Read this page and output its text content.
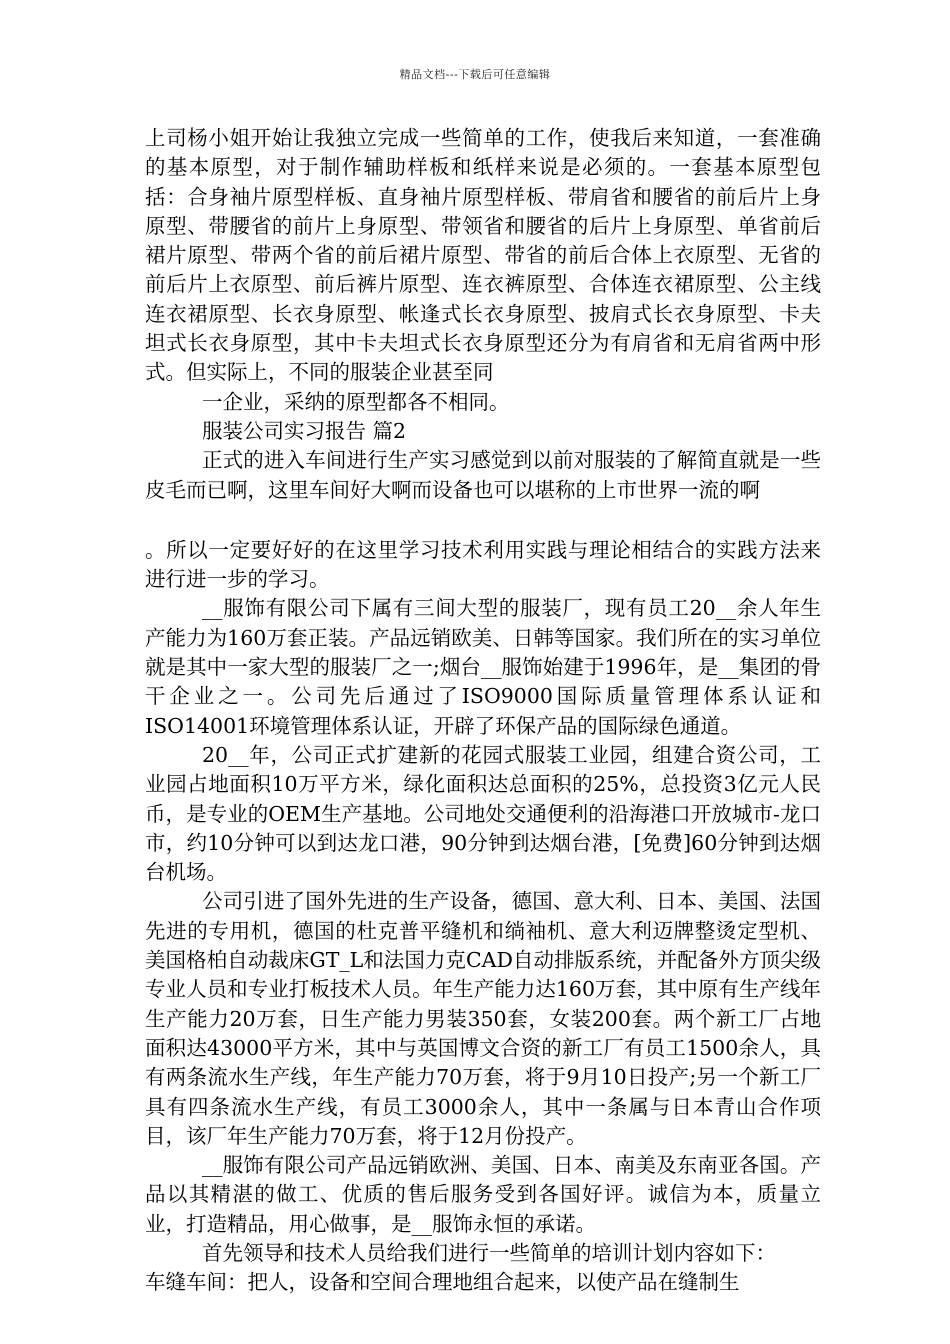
精品文档---下载后可任意编辑

上司杨小姐开始让我独立完成一些简单的工作，使我后来知道，一套准确的基本原型，对于制作辅助样板和纸样来说是必须的。一套基本原型包括：合身袖片原型样板、直身袖片原型样板、带肩省和腰省的前后片上身原型、带腰省的前片上身原型、带领省和腰省的后片上身原型、单省前后裙片原型、带两个省的前后裙片原型、带省的前后合体上衣原型、无省的前后片上衣原型、前后裤片原型、连衣裤原型、合体连衣裙原型、公主线连衣裙原型、长衣身原型、帐逢式长衣身原型、披肩式长衣身原型、卡夫坦式长衣身原型，其中卡夫坦式长衣身原型还分为有肩省和无肩省两中形式。但实际上，不同的服装企业甚至同

一企业，采纳的原型都各不相同。

服装公司实习报告 篇2

正式的进入车间进行生产实习感觉到以前对服装的了解简直就是一些皮毛而已啊，这里车间好大啊而设备也可以堪称的上市世界一流的啊

。所以一定要好好的在这里学习技术利用实践与理论相结合的实践方法来进行进一步的学习。

__服饰有限公司下属有三间大型的服装厂，现有员工20__余人年生产能力为160万套正装。产品远销欧美、日韩等国家。我们所在的实习单位就是其中一家大型的服装厂之一;烟台__服饰始建于1996年，是__集团的骨干企业之一。公司先后通过了ISO9000国际质量管理体系认证和ISO14001环境管理体系认证，开辟了环保产品的国际绿色通道。

20__年，公司正式扩建新的花园式服装工业园，组建合资公司，工业园占地面积10万平方米，绿化面积达总面积的25%，总投资3亿元人民币，是专业的OEM生产基地。公司地处交通便利的沿海港口开放城市-龙口市，约10分钟可以到达龙口港，90分钟到达烟台港，[免费]60分钟到达烟台机场。

公司引进了国外先进的生产设备，德国、意大利、日本、美国、法国先进的专用机，德国的杜克普平缝机和绱袖机、意大利迈牌整烫定型机、美国格柏自动裁床GT_L和法国力克CAD自动排版系统，并配备外方顶尖级专业人员和专业打板技术人员。年生产能力达160万套，其中原有生产线年生产能力20万套，日生产能力男装350套，女装200套。两个新工厂占地面积达43000平方米，其中与英国博文合资的新工厂有员工1500余人，具有两条流水生产线，年生产能力70万套，将于9月10日投产;另一个新工厂具有四条流水生产线，有员工3000余人，其中一条属与日本青山合作项目，该厂年生产能力70万套，将于12月份投产。

__服饰有限公司产品远销欧洲、美国、日本、南美及东南亚各国。产品以其精湛的做工、优质的售后服务受到各国好评。诚信为本，质量立业，打造精品，用心做事，是__服饰永恒的承诺。

首先领导和技术人员给我们进行一些简单的培训计划内容如下：

车缝车间：把人，设备和空间合理地组合起来，以使产品在缝制生
